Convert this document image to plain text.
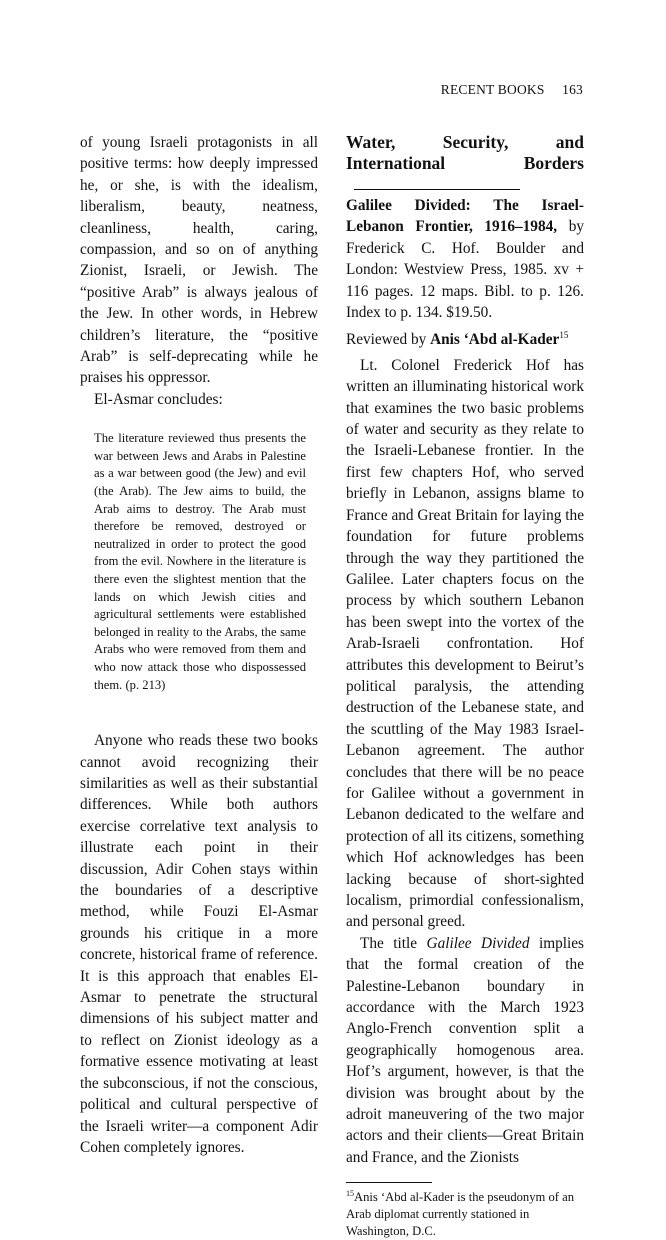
RECENT BOOKS 163

of young Israeli protagonists in all positive terms: how deeply impressed he, or she, is with the idealism, liberalism, beauty, neatness, cleanliness, health, caring, compassion, and so on of anything Zionist, Israeli, or Jewish. The “positive Arab” is always jealous of the Jew. In other words, in Hebrew children’s literature, the “positive Arab” is self-deprecating while he praises his oppressor.

El-Asmar concludes:

The literature reviewed thus presents the war between Jews and Arabs in Palestine as a war between good (the Jew) and evil (the Arab). The Jew aims to build, the Arab aims to destroy. The Arab must therefore be removed, destroyed or neutralized in order to protect the good from the evil. Nowhere in the literature is there even the slightest mention that the lands on which Jewish cities and agricultural settlements were established belonged in reality to the Arabs, the same Arabs who were removed from them and who now attack those who dispossessed them. (p. 213)

Anyone who reads these two books cannot avoid recognizing their similarities as well as their substantial differences. While both authors exercise correlative text analysis to illustrate each point in their discussion, Adir Cohen stays within the boundaries of a descriptive method, while Fouzi El-Asmar grounds his critique in a more concrete, historical frame of reference. It is this approach that enables El-Asmar to penetrate the structural dimensions of his subject matter and to reflect on Zionist ideology as a formative essence motivating at least the subconscious, if not the conscious, political and cultural perspective of the Israeli writer—a component Adir Cohen completely ignores.

Water, Security, and International Borders

Galilee Divided: The Israel-Lebanon Frontier, 1916–1984, by Frederick C. Hof. Boulder and London: Westview Press, 1985. xv + 116 pages. 12 maps. Bibl. to p. 126. Index to p. 134. $19.50.

Reviewed by Anis ‘Abd al-Kader$^{15}$

Lt. Colonel Frederick Hof has written an illuminating historical work that examines the two basic problems of water and security as they relate to the Israeli-Lebanese frontier. In the first few chapters Hof, who served briefly in Lebanon, assigns blame to France and Great Britain for laying the foundation for future problems through the way they partitioned the Galilee. Later chapters focus on the process by which southern Lebanon has been swept into the vortex of the Arab-Israeli confrontation. Hof attributes this development to Beirut’s political paralysis, the attending destruction of the Lebanese state, and the scuttling of the May 1983 Israel-Lebanon agreement. The author concludes that there will be no peace for Galilee without a government in Lebanon dedicated to the welfare and protection of all its citizens, something which Hof acknowledges has been lacking because of short-sighted localism, primordial confessionalism, and personal greed.

The title Galilee Divided implies that the formal creation of the Palestine-Lebanon boundary in accordance with the March 1923 Anglo-French convention split a geographically homogenous area. Hof’s argument, however, is that the division was brought about by the adroit maneuvering of the two major actors and their clients—Great Britain and France, and the Zionists

$^{15}$Anis ‘Abd al-Kader is the pseudonym of an Arab diplomat currently stationed in Washington, D.C.
